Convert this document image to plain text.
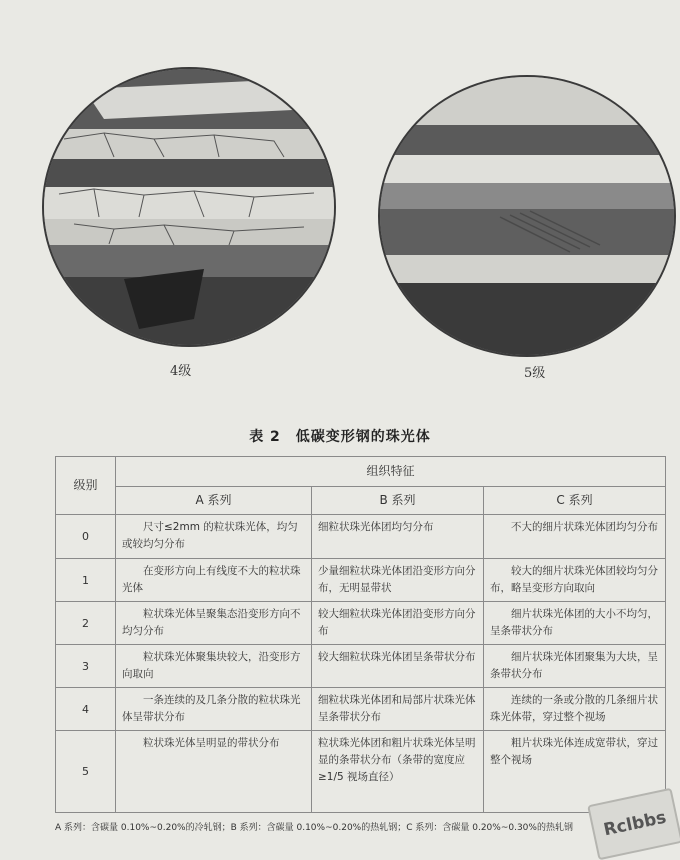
4级	5级
表 2　低碳变形钢的珠光体
级别	组织特征		
	A 系列	B 系列	C 系列
0	尺寸≤2mm 的粒状珠光体，均匀或较均匀分布	细粒状珠光体团均匀分布	不大的细片状珠光体团均匀分布
1	在变形方向上有线度不大的粒状珠光体	少量细粒状珠光体团沿变形方向分布，无明显带状	较大的细片状珠光体团较均匀分布，略呈变形方向取向
2	粒状珠光体呈聚集态沿变形方向不均匀分布	较大细粒状珠光体团沿变形方向分布	细片状珠光体团的大小不均匀，呈条带状分布
3	粒状珠光体聚集块较大，沿变形方向取向	较大细粒状珠光体团呈条带状分布	细片状珠光体团聚集为大块，呈条带状分布
4	一条连续的及几条分散的粒状珠光体呈带状分布	细粒状珠光体团和局部片状珠光体呈条带状分布	连续的一条或分散的几条细片状珠光体带，穿过整个视场
5	粒状珠光体呈明显的带状分布	粒状珠光体团和粗片状珠光体呈明显的条带状分布（条带的宽度应≥1/5 视场直径）	粗片状珠光体连成宽带状，穿过整个视场
A 系列：含碳量 0.10%~0.20%的冷轧钢；B 系列：含碳量 0.10%~0.20%的热轧钢；C 系列：含碳量 0.20%~0.30%的热轧钢	Rclbbs
